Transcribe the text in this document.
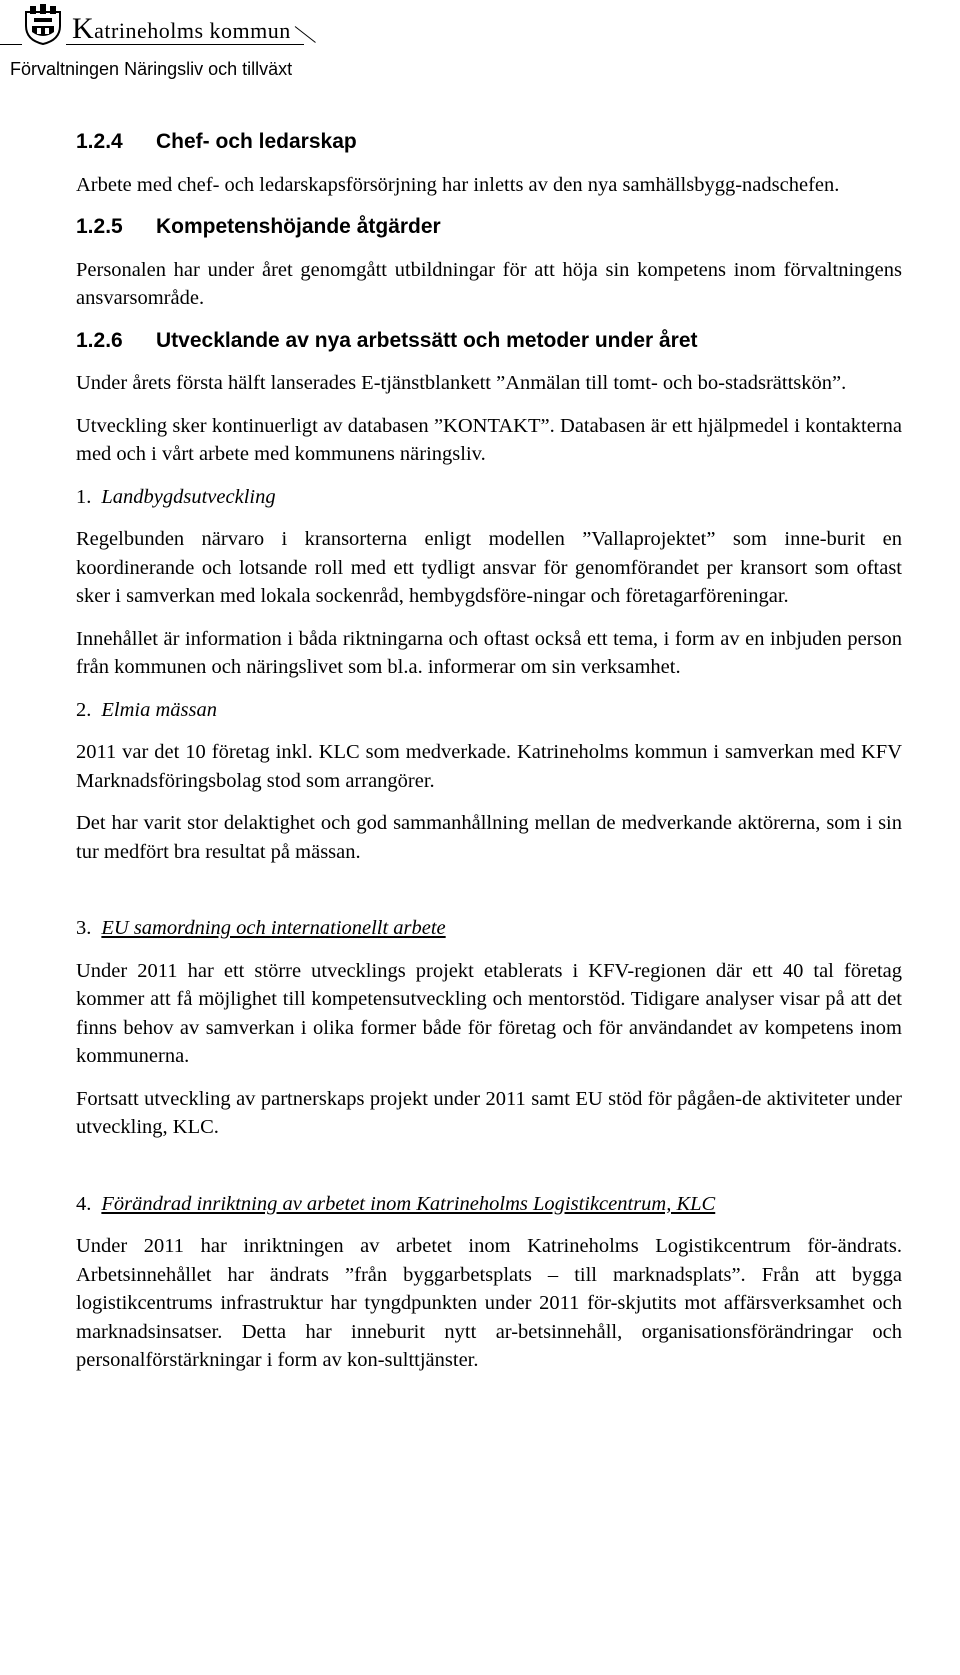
Katrineholms kommun
Förvaltningen Näringsliv och tillväxt
1.2.4	Chef- och ledarskap

Arbete med chef- och ledarskapsförsörjning har inletts av den nya samhällsbygg-nadschefen.

1.2.5	Kompetenshöjande åtgärder

Personalen har under året genomgått utbildningar för att höja sin kompetens inom förvaltningens ansvarsområde.

1.2.6	Utvecklande av nya arbetssätt och metoder under året

Under årets första hälft lanserades E-tjänstblankett ”Anmälan till tomt- och bo-stadsrättskön”.

Utveckling sker kontinuerligt av databasen ”KONTAKT”. Databasen är ett hjälpmedel i kontakterna med och i vårt arbete med kommunens näringsliv.

1. Landbygdsutveckling

Regelbunden närvaro i kransorterna enligt modellen ”Vallaprojektet” som inne-burit en koordinerande och lotsande roll med ett tydligt ansvar för genomförandet per kransort som oftast sker i samverkan med lokala sockenråd, hembygdsföre-ningar och företagarföreningar.

Innehållet är information i båda riktningarna och oftast också ett tema, i form av en inbjuden person från kommunen och näringslivet som bl.a. informerar om sin verksamhet.

2. Elmia mässan

2011 var det 10 företag inkl. KLC som medverkade. Katrineholms kommun i samverkan med KFV Marknadsföringsbolag stod som arrangörer.

Det har varit stor delaktighet och god sammanhållning mellan de medverkande aktörerna, som i sin tur medfört bra resultat på mässan.

3. EU samordning och internationellt arbete

Under 2011 har ett större utvecklings projekt etablerats i KFV-regionen där ett 40 tal företag kommer att få möjlighet till kompetensutveckling och mentorstöd. Tidigare analyser visar på att det finns behov av samverkan i olika former både för företag och för användandet av kompetens inom kommunerna.

Fortsatt utveckling av partnerskaps projekt under 2011 samt EU stöd för pågåen-de aktiviteter under utveckling, KLC.

4. Förändrad inriktning av arbetet inom Katrineholms Logistikcentrum, KLC

Under 2011 har inriktningen av arbetet inom Katrineholms Logistikcentrum för-ändrats. Arbetsinnehållet har ändrats ”från byggarbetsplats – till marknadsplats”. Från att bygga logistikcentrums infrastruktur har tyngdpunkten under 2011 för-skjutits mot affärsverksamhet och marknadsinsatser. Detta har inneburit nytt ar-betsinnehåll, organisationsförändringar och personalförstärkningar i form av kon-sulttjänster.
